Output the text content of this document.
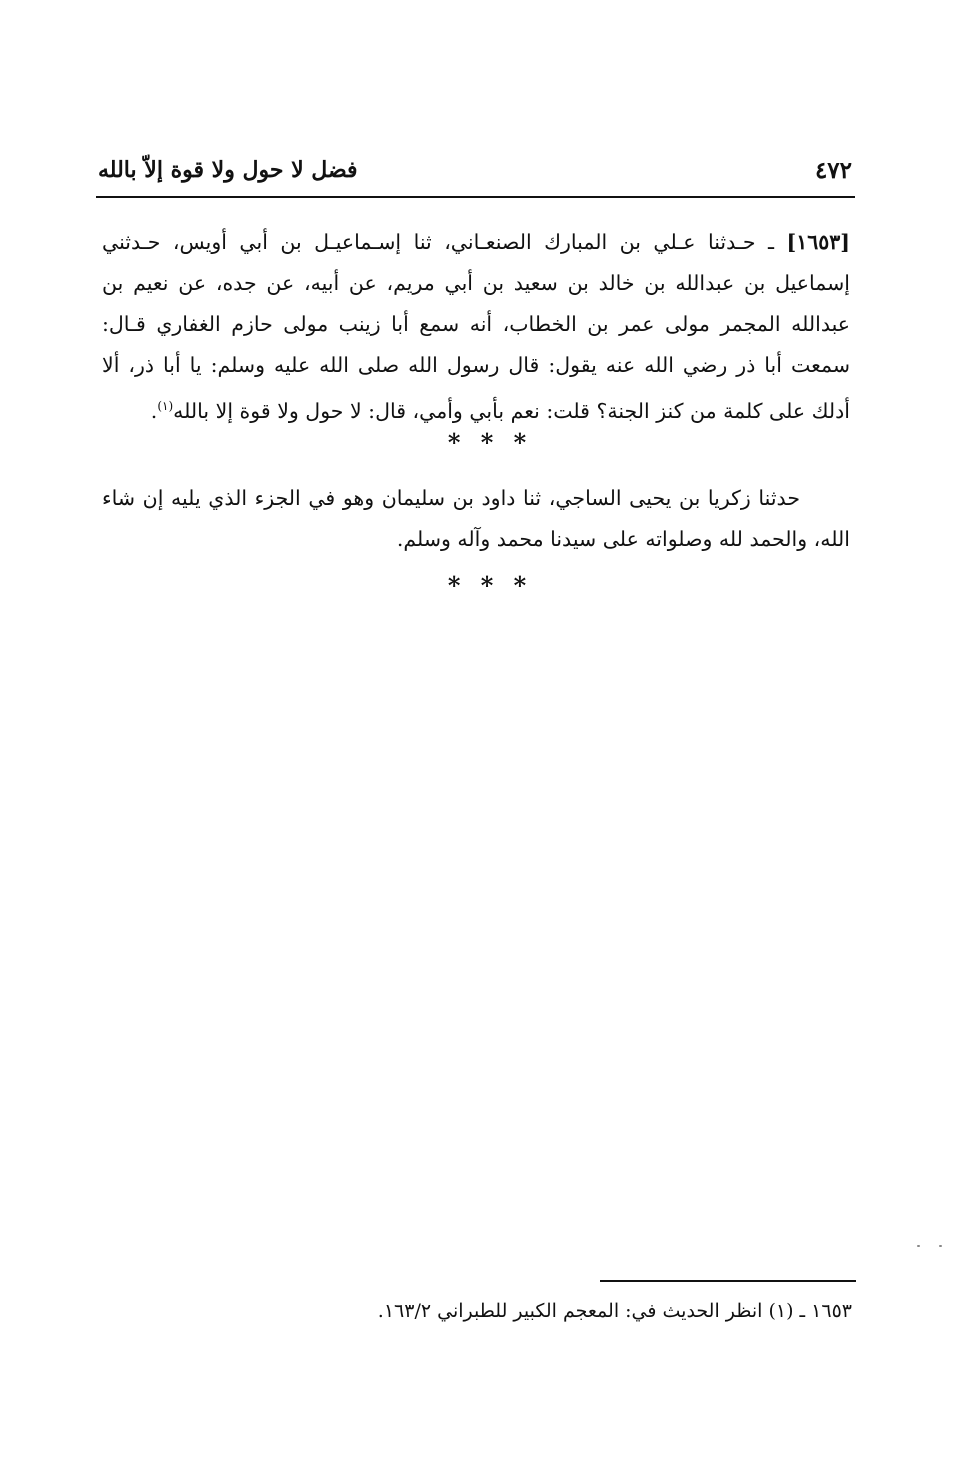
٤٧٢
فضل لا حول ولا قوة إلاّ بالله
[١٦٥٣] ـ حـدثنا عـلي بن المبارك الصنعـاني، ثنا إسـماعيـل بن أبي أويس، حـدثني إسماعيل بن عبدالله بن خالد بن سعيد بن أبي مريم، عن أبيه، عن جده، عن نعيم بن عبدالله المجمر مولى عمر بن الخطاب، أنه سمع أبا زينب مولى حازم الغفاري قـال: سمعت أبا ذر رضي الله عنه يقول: قال رسول الله صلى الله عليه وسلم: يا أبا ذر، ألا أدلك على كلمة من كنز الجنة؟ قلت: نعم بأبي وأمي، قال: لا حول ولا قوة إلا بالله$^{(١)}$.
* * *
حدثنا زكريا بن يحيى الساجي، ثنا داود بن سليمان وهو في الجزء الذي يليه إن شاء الله، والحمد لله وصلواته على سيدنا محمد وآله وسلم.
* * *
١٦٥٣ ـ (١) انظر الحديث في: المعجم الكبير للطبراني ١٦٣/٢.
